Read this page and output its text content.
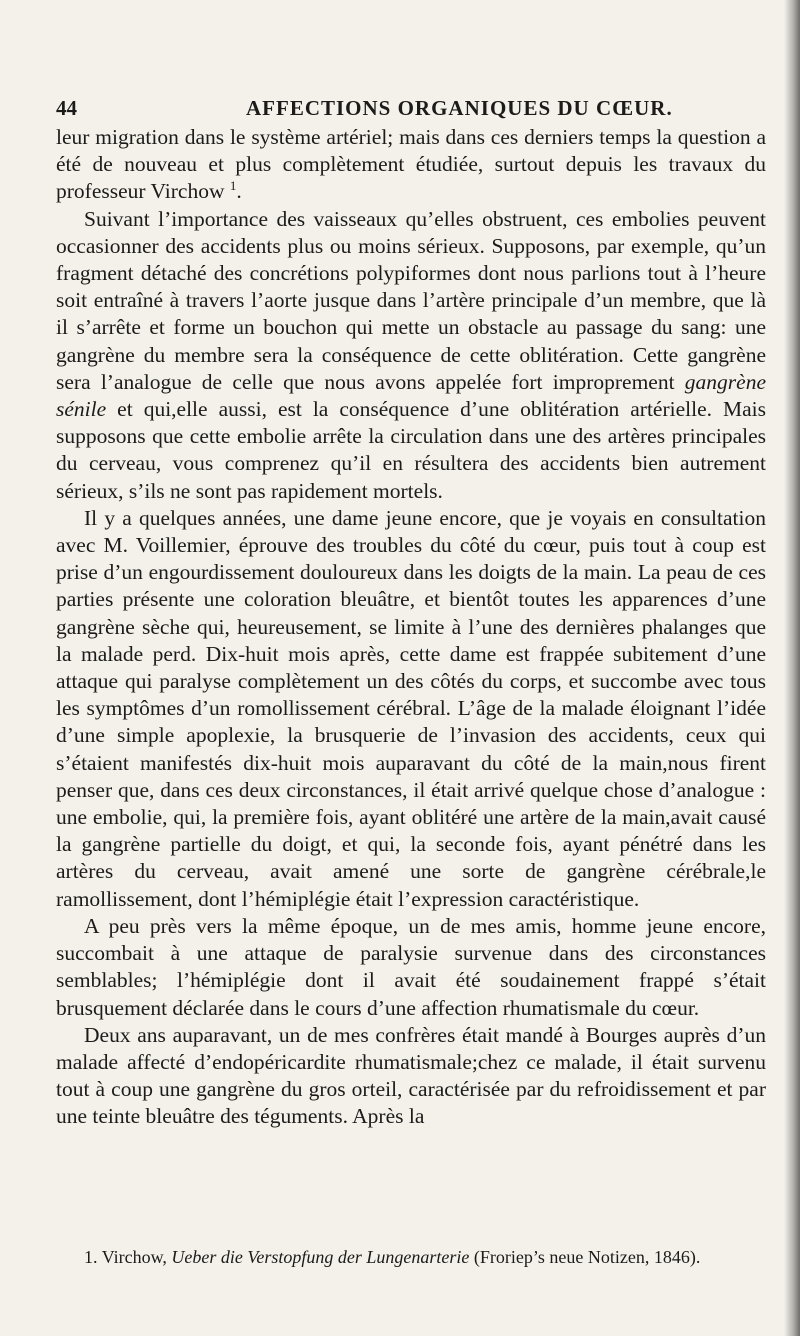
44	AFFECTIONS ORGANIQUES DU CŒUR.

leur migration dans le système artériel; mais dans ces derniers temps la question a été de nouveau et plus complètement étudiée, surtout depuis les travaux du professeur Virchow $^1$.

Suivant l’importance des vaisseaux qu’elles obstruent, ces embolies peuvent occasionner des accidents plus ou moins sérieux. Supposons, par exemple, qu’un fragment détaché des concrétions polypiformes dont nous parlions tout à l’heure soit entraîné à travers l’aorte jusque dans l’artère principale d’un membre, que là il s’arrête et forme un bouchon qui mette un obstacle au passage du sang: une gangrène du membre sera la conséquence de cette oblitération. Cette gangrène sera l’analogue de celle que nous avons appelée fort improprement gangrène sénile et qui,elle aussi, est la conséquence d’une oblitération artérielle. Mais supposons que cette embolie arrête la circulation dans une des artères principales du cerveau, vous comprenez qu’il en résultera des accidents bien autrement sérieux, s’ils ne sont pas rapidement mortels.

Il y a quelques années, une dame jeune encore, que je voyais en consultation avec M. Voillemier, éprouve des troubles du côté du cœur, puis tout à coup est prise d’un engourdissement douloureux dans les doigts de la main. La peau de ces parties présente une coloration bleuâtre, et bientôt toutes les apparences d’une gangrène sèche qui, heureusement, se limite à l’une des dernières phalanges que la malade perd. Dix-huit mois après, cette dame est frappée subitement d’une attaque qui paralyse complètement un des côtés du corps, et succombe avec tous les symptômes d’un romollissement cérébral. L’âge de la malade éloignant l’idée d’une simple apoplexie, la brusquerie de l’invasion des accidents, ceux qui s’étaient manifestés dix-huit mois auparavant du côté de la main,nous firent penser que, dans ces deux circonstances, il était arrivé quelque chose d’analogue : une embolie, qui, la première fois, ayant oblitéré une artère de la main,avait causé la gangrène partielle du doigt, et qui, la seconde fois, ayant pénétré dans les artères du cerveau, avait amené une sorte de gangrène cérébrale,le ramollissement, dont l’hémiplégie était l’expression caractéristique.

A peu près vers la même époque, un de mes amis, homme jeune encore, succombait à une attaque de paralysie survenue dans des circonstances semblables; l’hémiplégie dont il avait été soudainement frappé s’était brusquement déclarée dans le cours d’une affection rhumatismale du cœur.

Deux ans auparavant, un de mes confrères était mandé à Bourges auprès d’un malade affecté d’endopéricardite rhumatismale;chez ce malade, il était survenu tout à coup une gangrène du gros orteil, caractérisée par du refroidissement et par une teinte bleuâtre des téguments. Après la

1. Virchow, Ueber die Verstopfung der Lungenarterie (Froriep’s neue Notizen, 1846).
